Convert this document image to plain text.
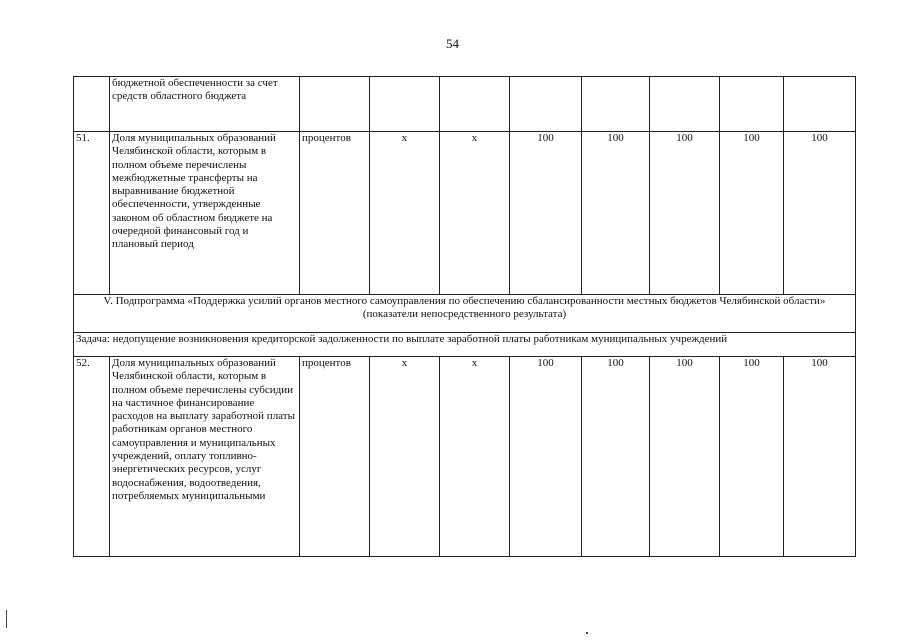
54
	бюджетной обеспеченности за счет средств областного бюджета								
51.	Доля муниципальных образований Челябинской области, которым в полном объеме перечислены межбюджетные трансферты на выравнивание бюджетной обеспеченности, утвержденные законом об областном бюджете на очередной финансовый год и плановый период	процентов	х	х	100	100	100	100	100
V. Подпрограмма «Поддержка усилий органов местного самоуправления по обеспечению сбалансированности местных бюджетов Челябинской области» (показатели непосредственного результата)									
Задача: недопущение возникновения кредиторской задолженности по выплате заработной платы работникам муниципальных учреждений									
52.	Доля муниципальных образований Челябинской области, которым в полном объеме перечислены субсидии на частичное финансирование расходов на выплату заработной платы работникам органов местного самоуправления и муниципальных учреждений, оплату топливно-энергетических ресурсов, услуг водоснабжения, водоотведения, потребляемых муниципальными	процентов	х	х	100	100	100	100	100
